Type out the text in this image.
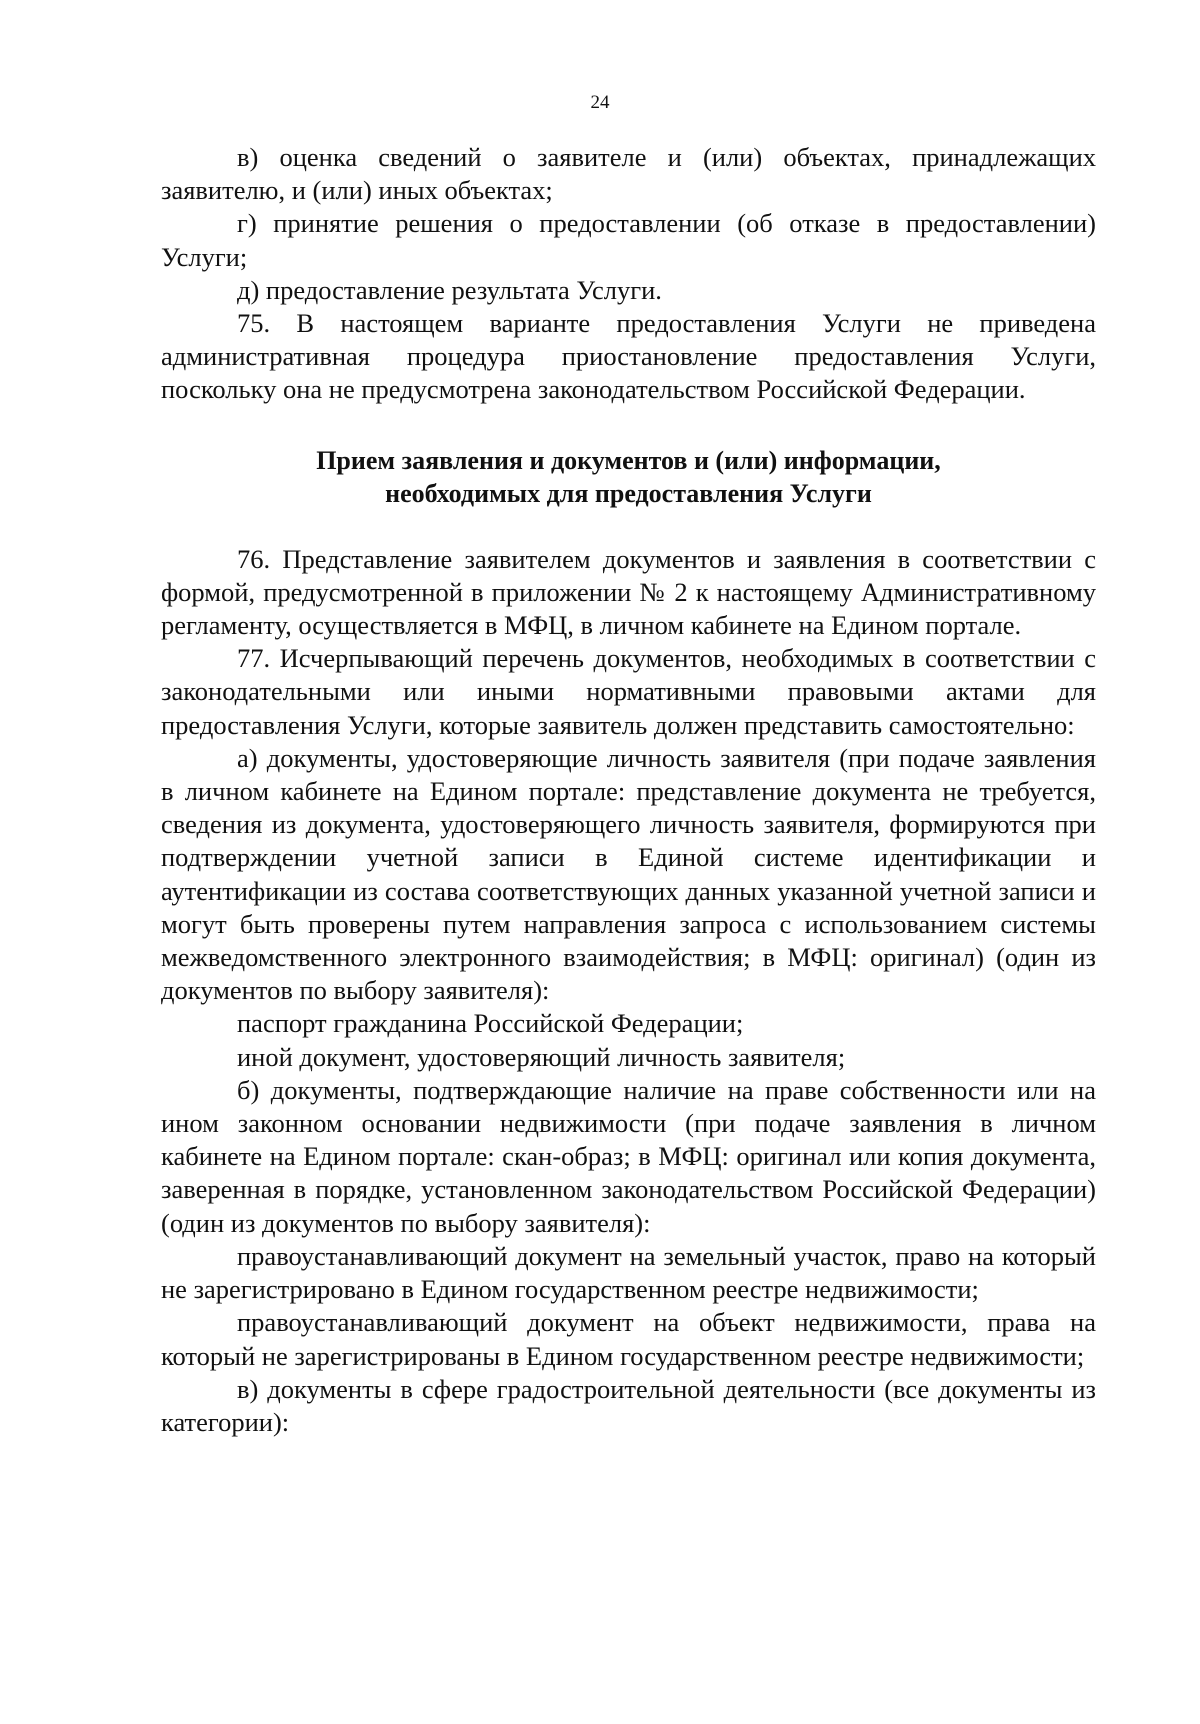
24

в) оценка сведений о заявителе и (или) объектах, принадлежащих заявителю, и (или) иных объектах;

г) принятие решения о предоставлении (об отказе в предоставлении) Услуги;

д) предоставление результата Услуги.

75. В настоящем варианте предоставления Услуги не приведена административная процедура приостановление предоставления Услуги, поскольку она не предусмотрена законодательством Российской Федерации.

Прием заявления и документов и (или) информации,
необходимых для предоставления Услуги

76. Представление заявителем документов и заявления в соответствии с формой, предусмотренной в приложении № 2 к настоящему Административному регламенту, осуществляется в МФЦ, в личном кабинете на Едином портале.

77. Исчерпывающий перечень документов, необходимых в соответствии с законодательными или иными нормативными правовыми актами для предоставления Услуги, которые заявитель должен представить самостоятельно:

а) документы, удостоверяющие личность заявителя (при подаче заявления в личном кабинете на Едином портале: представление документа не требуется, сведения из документа, удостоверяющего личность заявителя, формируются при подтверждении учетной записи в Единой системе идентификации и аутентификации из состава соответствующих данных указанной учетной записи и могут быть проверены путем направления запроса с использованием системы межведомственного электронного взаимодействия; в МФЦ: оригинал) (один из документов по выбору заявителя):

паспорт гражданина Российской Федерации;

иной документ, удостоверяющий личность заявителя;

б) документы, подтверждающие наличие на праве собственности или на ином законном основании недвижимости (при подаче заявления в личном кабинете на Едином портале: скан-образ; в МФЦ: оригинал или копия документа, заверенная в порядке, установленном законодательством Российской Федерации) (один из документов по выбору заявителя):

правоустанавливающий документ на земельный участок, право на который не зарегистрировано в Едином государственном реестре недвижимости;

правоустанавливающий документ на объект недвижимости, права на который не зарегистрированы в Едином государственном реестре недвижимости;

в) документы в сфере градостроительной деятельности (все документы из категории):
